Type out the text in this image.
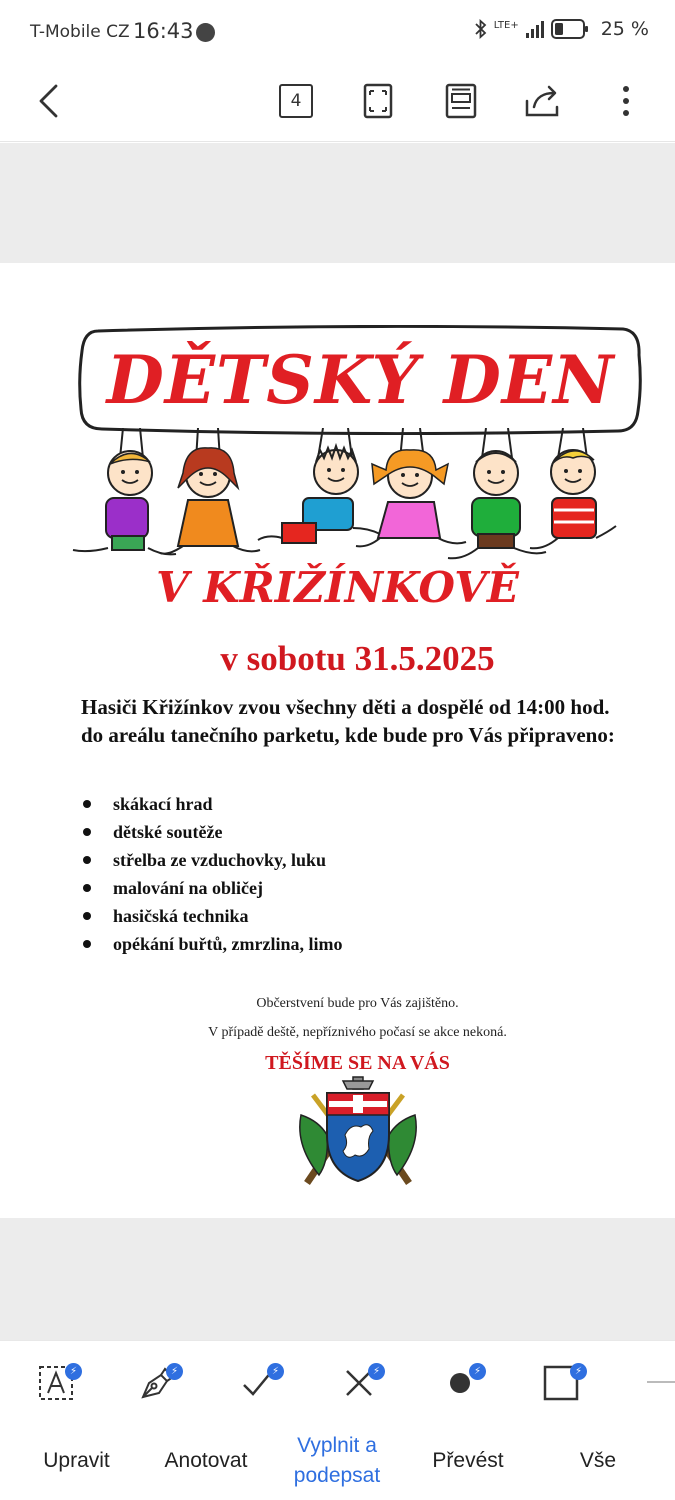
T-Mobile CZ 16:43	LTE+	25 %
4
DĚTSKÝ DEN
V KŘIŽÍNKOVĚ
v sobotu 31.5.2025
Hasiči Křižínkov zvou všechny děti a dospělé od 14:00 hod. do areálu tanečního parketu, kde bude pro Vás připraveno:
skákací hrad
dětské soutěže
střelba ze vzduchovky, luku
malování na obličej
hasičská technika
opékání buřtů, zmrzlina, limo
Občerstvení bude pro Vás zajištěno.
V případě deště, nepříznivého počasí se akce nekoná.
TĚŠÍME SE NA VÁS
⚡	⚡	⚡	⚡	⚡	⚡
Upravit	Anotovat
Vyplnit a podepsat
Převést	Vše
